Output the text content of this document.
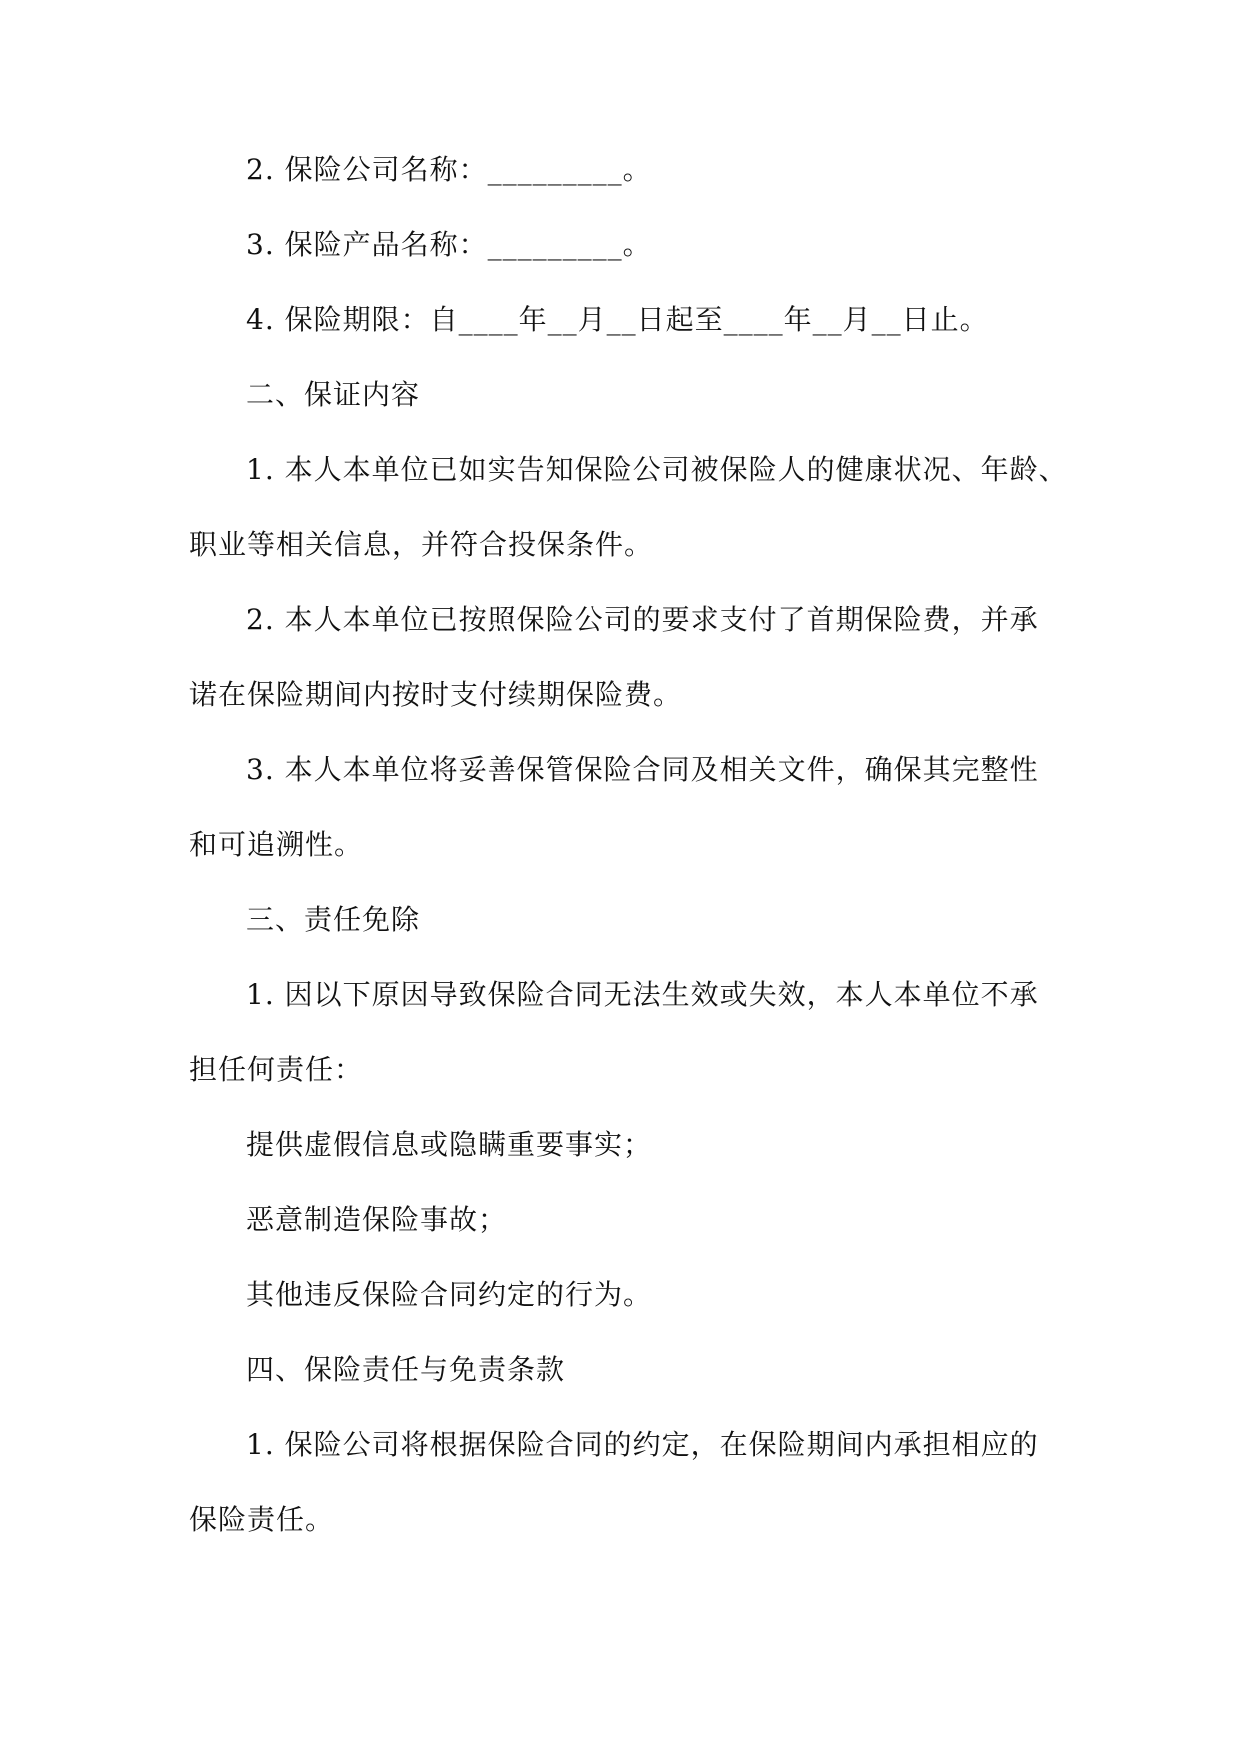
2. 保险公司名称：_________。
3. 保险产品名称：_________。
4. 保险期限：自____年__月__日起至____年__月__日止。
二、保证内容
1. 本人本单位已如实告知保险公司被保险人的健康状况、年龄、
职业等相关信息，并符合投保条件。
2. 本人本单位已按照保险公司的要求支付了首期保险费，并承
诺在保险期间内按时支付续期保险费。
3. 本人本单位将妥善保管保险合同及相关文件，确保其完整性
和可追溯性。
三、责任免除
1. 因以下原因导致保险合同无法生效或失效，本人本单位不承
担任何责任：
提供虚假信息或隐瞒重要事实；
恶意制造保险事故；
其他违反保险合同约定的行为。
四、保险责任与免责条款
1. 保险公司将根据保险合同的约定，在保险期间内承担相应的
保险责任。
